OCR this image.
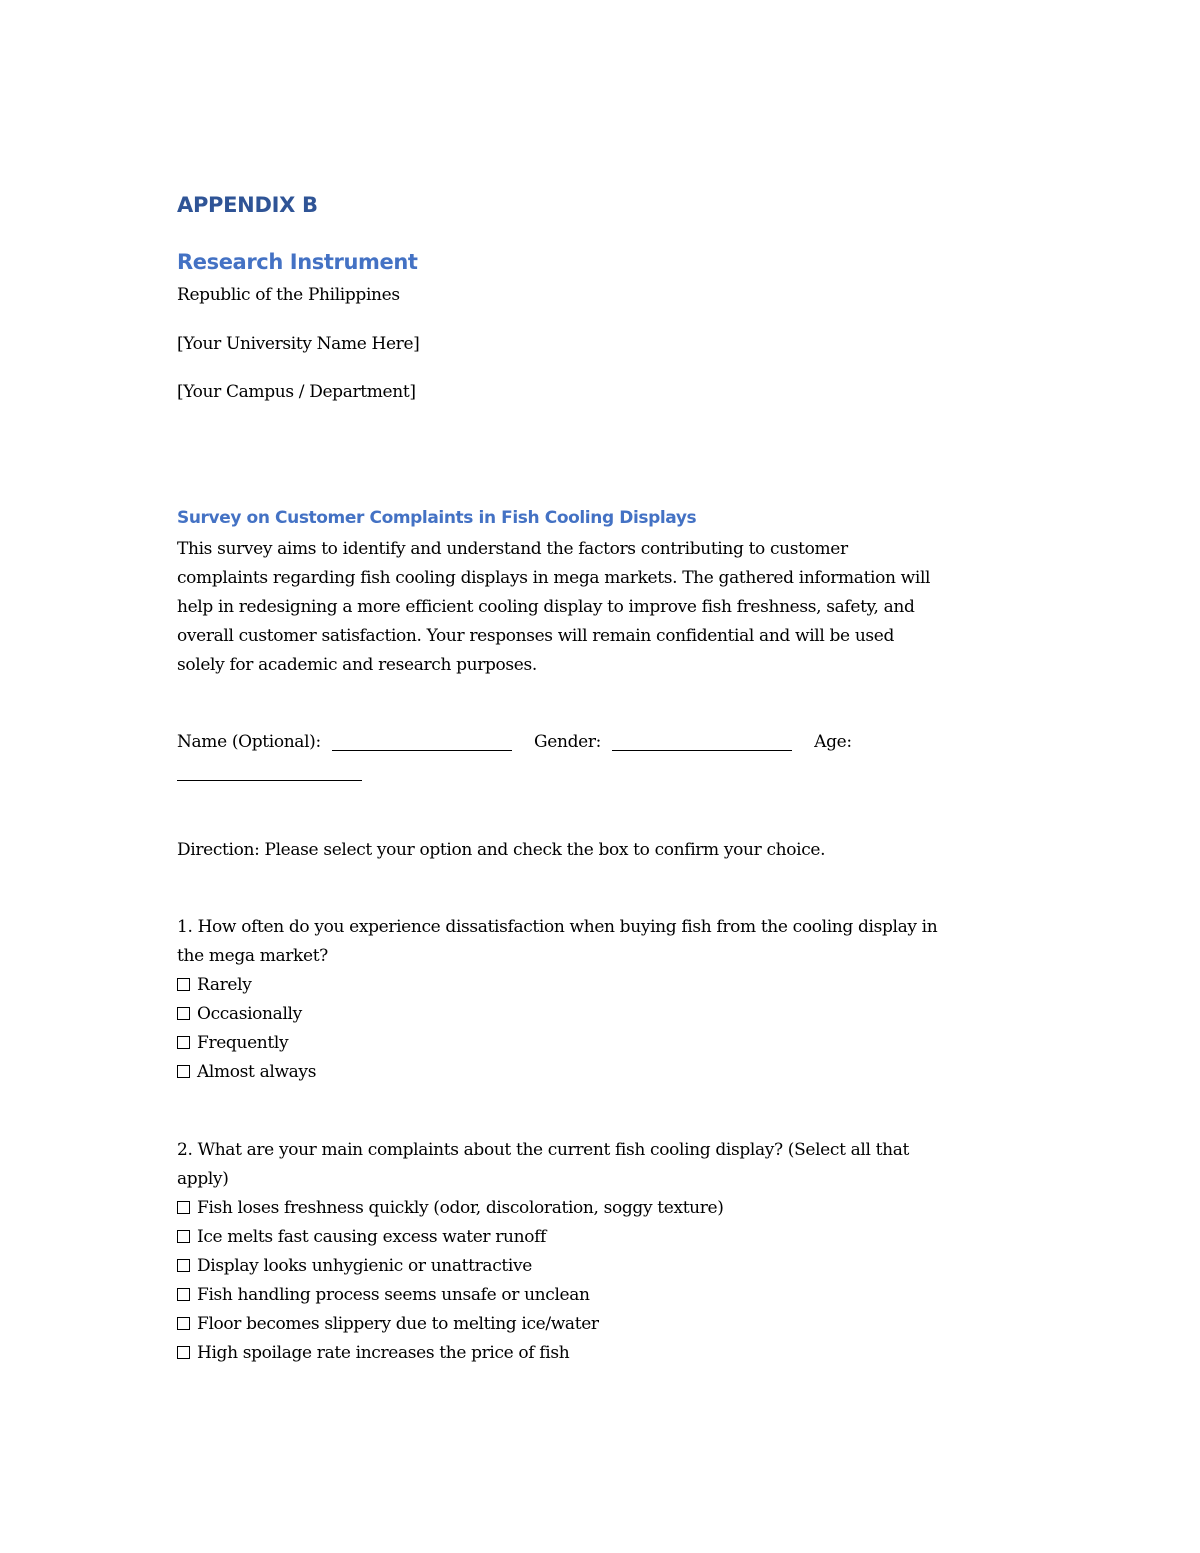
APPENDIX B
Research Instrument
Republic of the Philippines
[Your University Name Here]
[Your Campus / Department]
Survey on Customer Complaints in Fish Cooling Displays
This survey aims to identify and understand the factors contributing to customer
complaints regarding fish cooling displays in mega markets. The gathered information will
help in redesigning a more efficient cooling display to improve fish freshness, safety, and
overall customer satisfaction. Your responses will remain confidential and will be used
solely for academic and research purposes.
Name (Optional):	Gender:	Age:
Direction: Please select your option and check the box to confirm your choice.
1. How often do you experience dissatisfaction when buying fish from the cooling display in
the mega market?
Rarely
Occasionally
Frequently
Almost always
2. What are your main complaints about the current fish cooling display? (Select all that
apply)
Fish loses freshness quickly (odor, discoloration, soggy texture)
Ice melts fast causing excess water runoff
Display looks unhygienic or unattractive
Fish handling process seems unsafe or unclean
Floor becomes slippery due to melting ice/water
High spoilage rate increases the price of fish
